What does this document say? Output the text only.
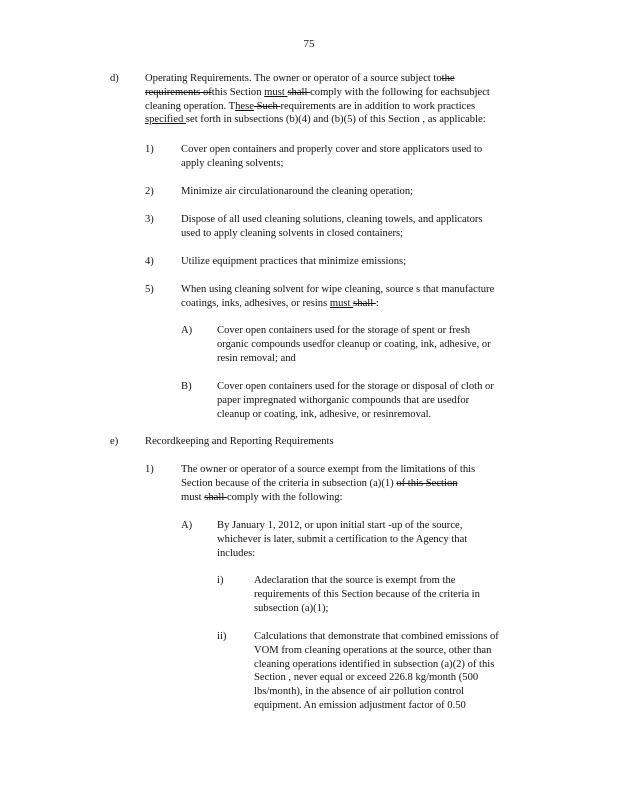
75
d) Operating Requirements. The owner or operator of a source subject tothe
requirements ofthis Section must shall comply with the following for eachsubject
cleaning operation. These Such requirements are in addition to work practices
specified set forth in subsections (b)(4) and (b)(5) of this Section , as applicable:
1)	Cover open containers and properly cover and store applicators used to
apply cleaning solvents;
2)	Minimize air circulationaround the cleaning operation;
3)	Dispose of all used cleaning solutions, cleaning towels, and applicators
used to apply cleaning solvents in closed containers;
4)	Utilize equipment practices that minimize emissions;
5)	When using cleaning solvent for wipe cleaning, source s that manufacture
coatings, inks, adhesives, or resins must shall :
A) Cover open containers used for the storage of spent or fresh
organic compounds usedfor cleanup or coating, ink, adhesive, or
resin removal; and
B) Cover open containers used for the storage or disposal of cloth or
paper impregnated withorganic compounds that are usedfor
cleanup or coating, ink, adhesive, or resinremoval.
e)	Recordkeeping and Reporting Requirements
1)	The owner or operator of a source exempt from the limitations of this
Section because of the criteria in subsection (a)(1) of this Section
must shall comply with the following:
A) By January 1, 2012, or upon initial start -up of the source,
whichever is later, submit a certification to the Agency that
includes:
i)	Adeclaration that the source is exempt from the
requirements of this Section because of the criteria in
subsection (a)(1);
ii)	Calculations that demonstrate that combined emissions of
VOM from cleaning operations at the source, other than
cleaning operations identified in subsection (a)(2) of this
Section , never equal or exceed 226.8 kg/month (500
lbs/month), in the absence of air pollution control
equipment. An emission adjustment factor of 0.50
